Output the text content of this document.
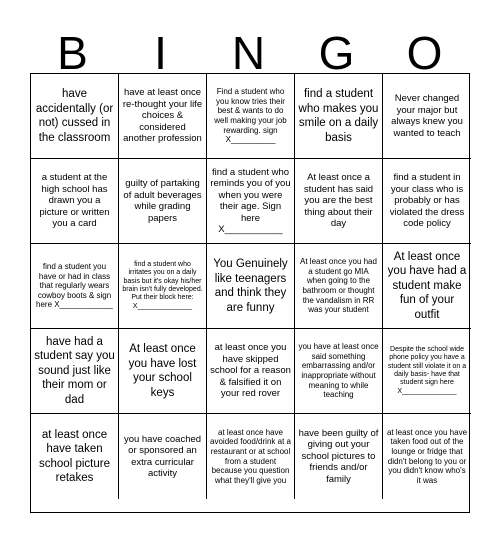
B	I	N	G	O
have accidentally (or not) cussed in the classroom
have at least once re-thought your life choices & considered another profession
Find a student who you know tries their best & wants to do well making your job rewarding. sign X__________
find a student who makes you smile on a daily basis
Never changed your major but always knew you wanted to teach
a student at the high school has drawn you a picture or written you a card
guilty of partaking of adult beverages while grading papers
find a student who reminds you of you when you were their age. Sign here X___________
At least once a student has said you are the best thing about their day
find a student in your class who is probably or has violated the dress code policy
find a student you have or had in class that regularly wears cowboy boots & sign here X____________
find a student who irritates you on a daily basis but it's okay his/her brain isn't fully developed. Put their block here: X______________
You Genuinely like teenagers and think they are funny
At least once you had a student go MIA when going to the bathroom or thought the vandalism in RR was your student
At least once you have had a student make fun of your outfit
have had a student say you sound just like their mom or dad
At least once you have lost your school keys
at least once you have skipped school for a reason & falsified it on your red rover
you have at least once said something embarrassing and/or inappropriate without meaning to while teaching
Despite the school wide phone policy you have a student still violate it on a daily basis- have that student sign here X______________
at least once have taken school picture retakes
you have coached or sponsored an extra curricular activity
at least once have avoided food/drink at a restaurant or at school from a student because you question what they'll give you
have been guilty of giving out your school pictures to friends and/or family
at least once you have taken food out of the lounge or fridge that didn't belong to you or you didn't know who's it was
